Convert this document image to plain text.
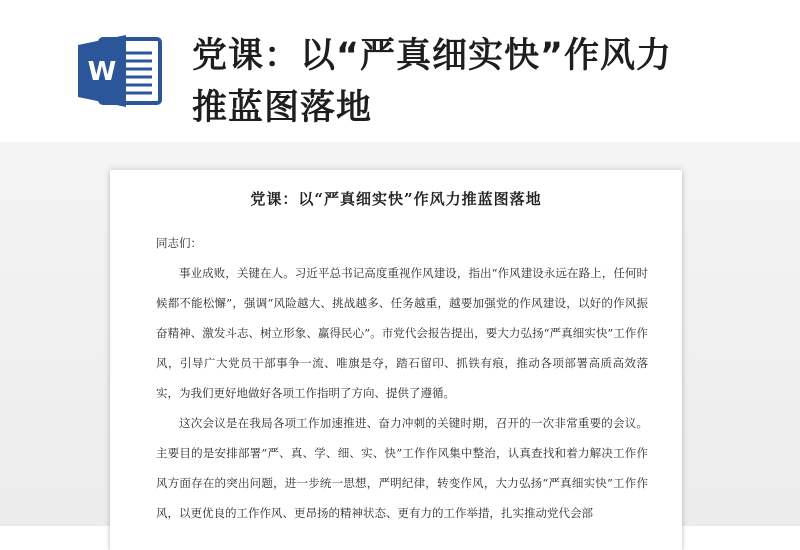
W 党课：以“严真细实快”作风力
推蓝图落地
党课：以“严真细实快”作风力推蓝图落地

同志们：

事业成败，关键在人。习近平总书记高度重视作风建设，指出“作风建设永远在路上，任何时候都不能松懈”，强调“风险越大、挑战越多、任务越重，越要加强党的作风建设，以好的作风振奋精神、激发斗志、树立形象、赢得民心”。市党代会报告提出，要大力弘扬“严真细实快”工作作风，引导广大党员干部事争一流、唯旗是夺，踏石留印、抓铁有痕，推动各项部署高质高效落实，为我们更好地做好各项工作指明了方向、提供了遵循。

这次会议是在我局各项工作加速推进、奋力冲刺的关键时期，召开的一次非常重要的会议。主要目的是安排部署“严、真、学、细、实、快”工作作风集中整治，认真查找和着力解决工作作风方面存在的突出问题，进一步统一思想，严明纪律，转变作风，大力弘扬“严真细实快”工作作风，以更优良的工作作风、更昂扬的精神状态、更有力的工作举措，扎实推动党代会部
